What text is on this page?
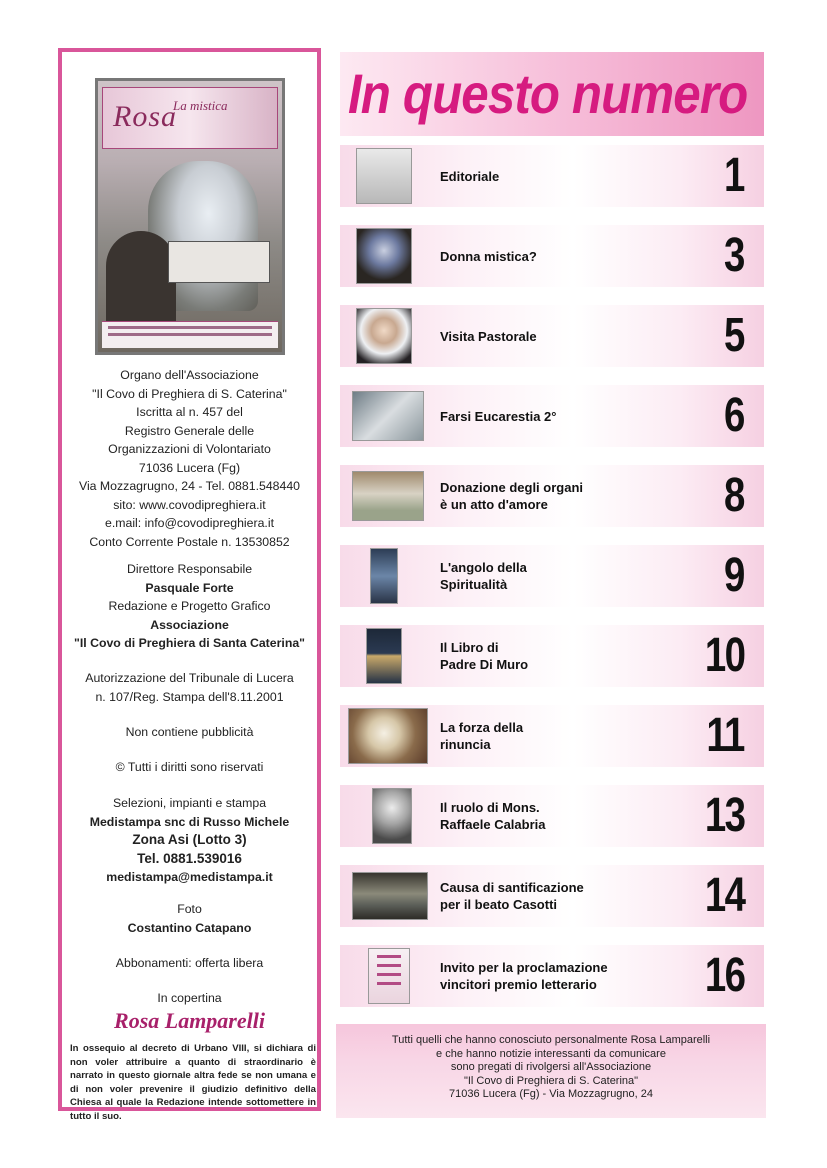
Rosa
La mistica
Organo dell'Associazione
"Il Covo di Preghiera di S. Caterina"
Iscritta al n. 457 del
Registro Generale delle
Organizzazioni di Volontariato
71036 Lucera (Fg)
Via Mozzagrugno, 24 - Tel. 0881.548440
sito: www.covodipreghiera.it
e.mail: info@covodipreghiera.it
Conto Corrente Postale n. 13530852
Direttore Responsabile
Pasquale Forte
Redazione e Progetto Grafico
Associazione
"Il Covo di Preghiera di Santa Caterina"
Autorizzazione del Tribunale di Lucera
n. 107/Reg. Stampa dell'8.11.2001
Non contiene pubblicità
© Tutti i diritti sono riservati
Selezioni, impianti e stampa
Medistampa snc di Russo Michele
Zona Asi (Lotto 3)
Tel. 0881.539016
medistampa@medistampa.it
Foto
Costantino Catapano
Abbonamenti: offerta libera
In copertina
Rosa Lamparelli
In ossequio al decreto di Urbano VIII, si dichiara di non voler attribuire a quanto di straordinario è narrato in questo giornale altra fede se non umana e di non voler prevenire il giudizio definitivo della Chiesa al quale la Redazione intende sottomettere in tutto il suo.
In questo numero
Editoriale	1
Donna mistica?	3
Visita Pastorale	5
Farsi Eucarestia 2°	6
Donazione degli organi
è un atto d'amore	8
L'angolo della
Spiritualità	9
Il Libro di
Padre Di Muro	10
La forza della
rinuncia	11
Il ruolo di Mons.
Raffaele Calabria	13
Causa di santificazione
per il beato Casotti	14
Invito per la proclamazione
vincitori premio letterario	16
Tutti quelli che hanno conosciuto personalmente Rosa Lamparelli
e che hanno notizie interessanti da comunicare
sono pregati di rivolgersi all'Associazione
"Il Covo di Preghiera di S. Caterina"
71036 Lucera (Fg) - Via Mozzagrugno, 24
